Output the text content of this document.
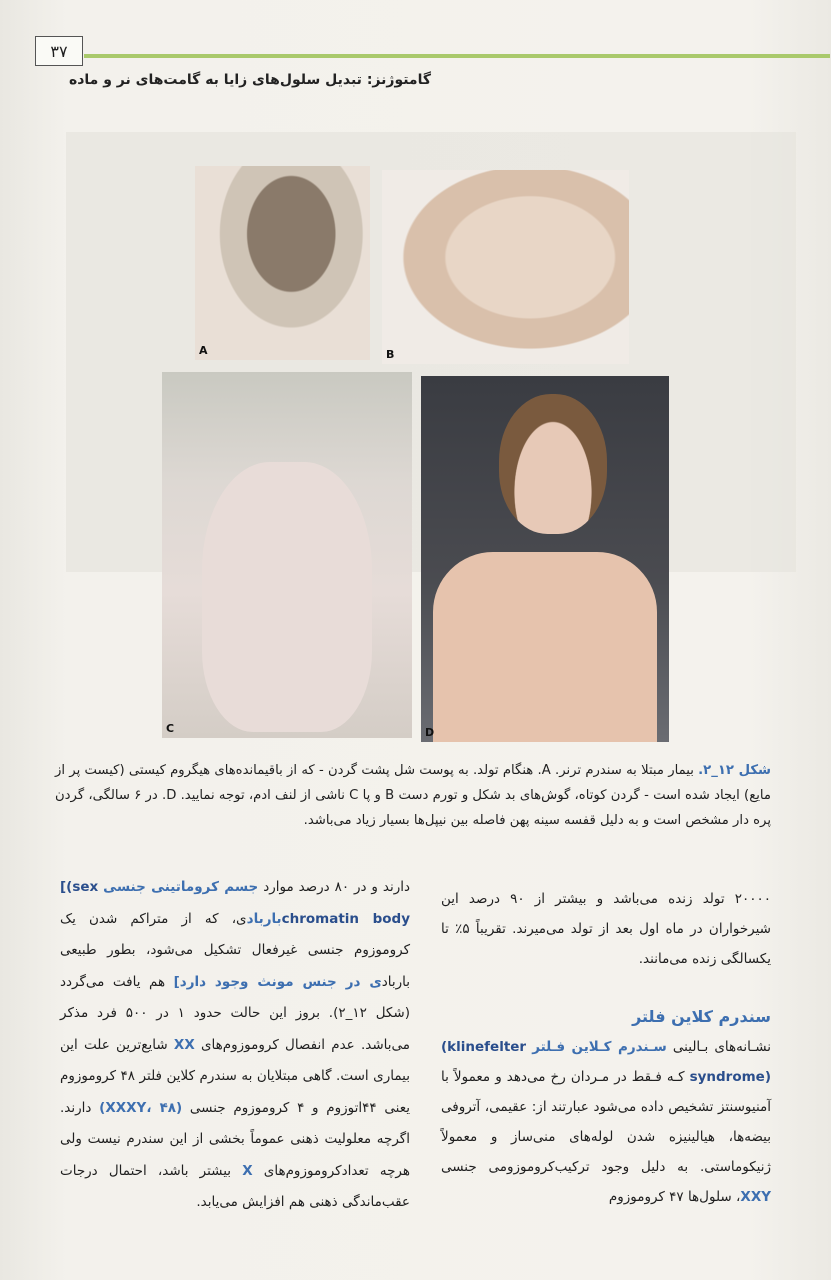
۳۷
گامتوژنز: تبدیل سلول‌های زایا به گامت‌های نر و ماده
A	B
C	D
شکل ۱۲_۲. بیمار مبتلا به سندرم ترنر. A. هنگام تولد. به پوست شل پشت گردن - که از باقیمانده‌های هیگروم کیستی (کیست پر از مایع) ایجاد شده است - گردن کوتاه، گوش‌های بد شکل و تورم دست B و پا C ناشی از لنف ادم، توجه نمایید. D. در ۶ سالگی، گردن پره دار مشخص است و به دلیل قفسه سینه پهن فاصله بین نیپل‌ها بسیار زیاد می‌باشد.
۲۰۰۰۰ تولد زنده می‌باشد و بیشتر از ۹۰ درصد این شیرخواران در ماه اول بعد از تولد می‌میرند. تقریباً ۵٪ تا یکسالگی زنده می‌مانند.
سندرم کلاین فلتر
نشـانه‌های بـالینی سـندرم کـلاین فـلتر (klinefelter syndrome) کـه فـقط در مـردان رخ می‌دهد و معمولاً با آمنیوسنتز تشخیص داده می‌شود عبارتند از: عقیمی، آتروفی بیضه‌ها، هیالینیزه شدن لوله‌های منی‌ساز و معمولاً ژنیکوماستی. به دلیل وجود ترکیب‌کروموزومی جنسی XXY، سلول‌ها ۴۷ کروموزوم
دارند و در ۸۰ درصد موارد جسم کروماتینی جنسی [(sex chromatin bodyباربادی، که از متراکم شدن یک کروموزوم جنسی غیرفعال تشکیل می‌شود، بطور طبیعی باربادی در جنس مونث وجود دارد] هم یافت می‌گردد (شکل ۱۲_۲). بروز این حالت حدود ۱ در ۵۰۰ فرد مذکر می‌باشد. عدم انفصال کروموزوم‌های XX شایع‌ترین علت این بیماری است. گاهی مبتلایان به سندرم کلاین فلتر ۴۸ کروموزوم یعنی ۴۴اتوزوم و ۴ کروموزوم جنسی (XXXY، ۴۸) دارند. اگرچه معلولیت ذهنی عموماً بخشی از این سندرم نیست ولی هرچه تعدادکروموزوم‌های X بیشتر باشد، احتمال درجات عقب‌ماندگی ذهنی هم افزایش می‌یابد.
